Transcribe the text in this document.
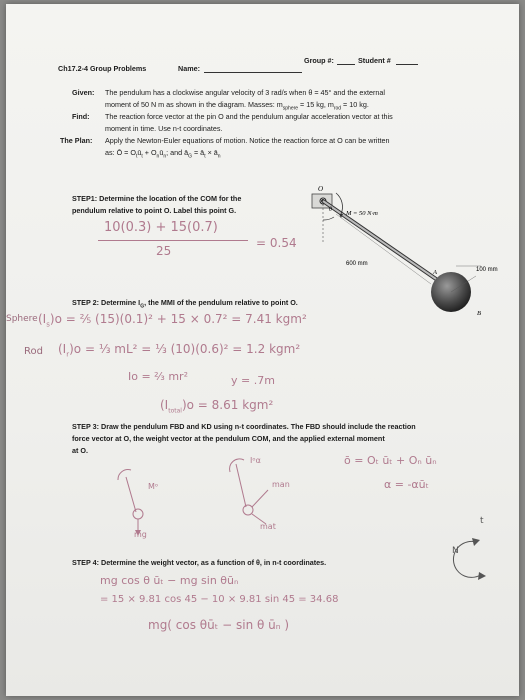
Ch17.2-4 Group Problems	Name:
Group #:	Student #
Given: The pendulum has a clockwise angular velocity of 3 rad/s when θ = 45° and the external
moment of 50 N m as shown in the diagram. Masses: $m_{sphere} = 15$ kg, $m_{rod} = 10$ kg.
Find: The reaction force vector at the pin O and the pendulum angular acceleration vector at this
moment in time. Use n-t coordinates.
The Plan: Apply the Newton-Euler equations of motion. Notice the reaction force at O can be written
as: Ō = $O_tū_t$ + $O_nū_n$; and $ā_G$ = $ā_t$ × $ā_n$
STEP1: Determine the location of the COM for the
pendulum relative to point O. Label this point G.
10(0.3) + 15(0.7)
25
= 0.54
O
θ M = 50 N·m
600 mm
A	100 mm
B
STEP 2: Determine $I_G$, the MMI of the pendulum relative to point O.
Sphere $(I_s)o$ = ⅖ (15)(0.1)² + 15 × 0.7² = 7.41 kgm²
Rod $(I_r)o$ = ⅓ mL² = ⅓ (10)(0.6)² = 1.2 kgm²
Io = ⅔ mr²	y = .7m
$(I_{total})o = 8.61$ kgm²
STEP 3: Draw the pendulum FBD and KD using n-t coordinates. The FBD should include the reaction
force vector at O, the weight vector at the pendulum COM, and the applied external moment
at O.
ō = Oₜ ūₜ + Oₙ ūₙ
α = -αūₜ
Mᵒ
mg
Iᵒα
man
mat
STEP 4: Determine the weight vector, as a function of θ, in n-t coordinates.
mg cos θ ūₜ − mg sin θūₙ
= 15 × 9.81 cos 45 − 10 × 9.81 sin 45 = 34.68
mg( cos θūₜ − sin θ ūₙ )
t
N
